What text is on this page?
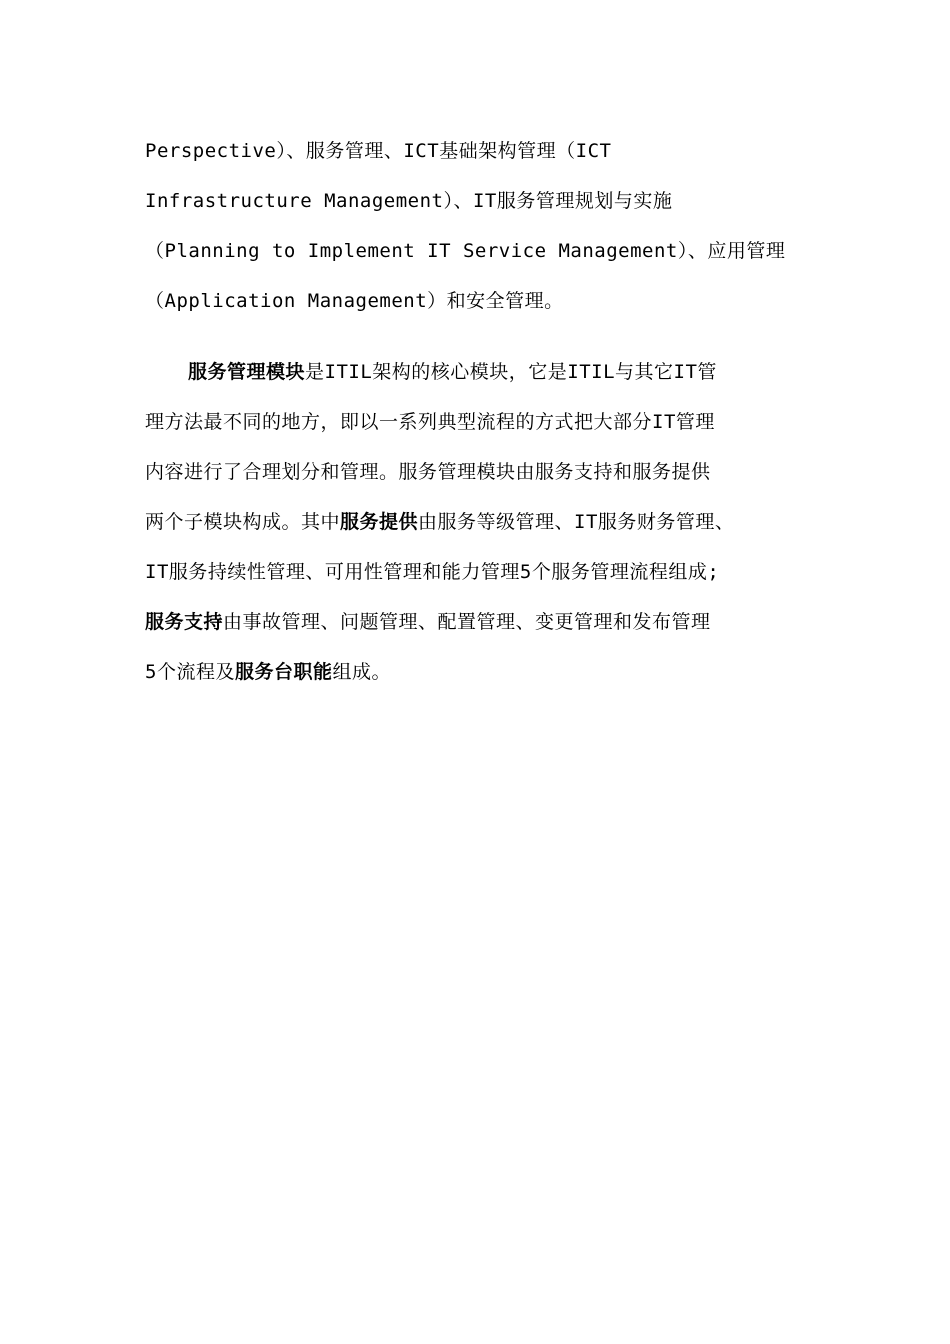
Perspective）、服务管理、ICT基础架构管理（ICT
Infrastructure Management）、IT服务管理规划与实施
（Planning to Implement IT Service Management）、应用管理
（Application Management）和安全管理。
服务管理模块是ITIL架构的核心模块，它是ITIL与其它IT管
理方法最不同的地方，即以一系列典型流程的方式把大部分IT管理
内容进行了合理划分和管理。服务管理模块由服务支持和服务提供
两个子模块构成。其中服务提供由服务等级管理、IT服务财务管理、
IT服务持续性管理、可用性管理和能力管理5个服务管理流程组成;
服务支持由事故管理、问题管理、配置管理、变更管理和发布管理
5个流程及服务台职能组成。
